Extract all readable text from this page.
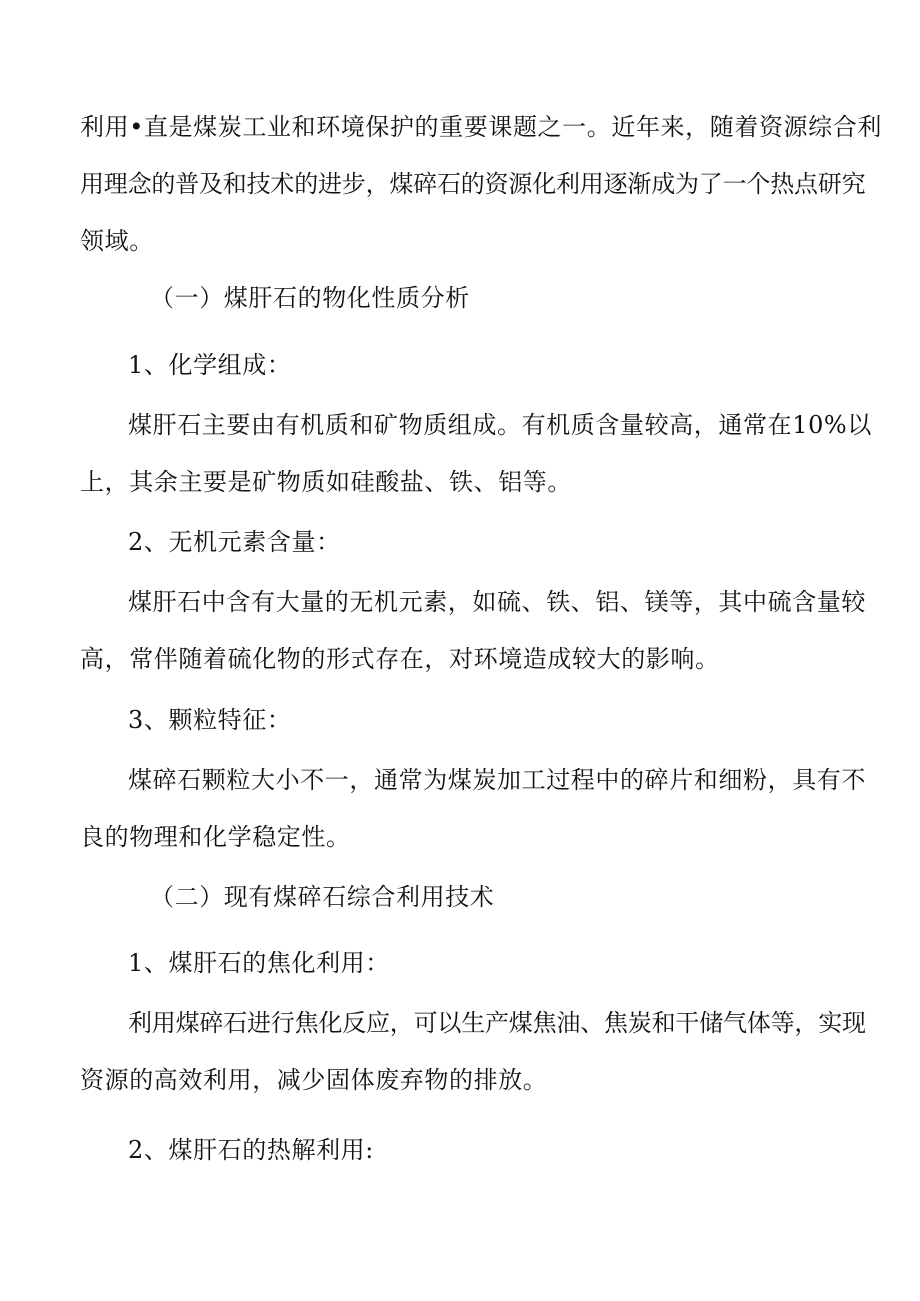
利用•直是煤炭工业和环境保护的重要课题之一。近年来，随着资源综合利
用理念的普及和技术的进步，煤碎石的资源化利用逐渐成为了一个热点研究
领域。

（一）煤肝石的物化性质分析

1、化学组成：

煤肝石主要由有机质和矿物质组成。有机质含量较高，通常在10%以
上，其余主要是矿物质如硅酸盐、铁、铝等。

2、无机元素含量：

煤肝石中含有大量的无机元素，如硫、铁、铝、镁等，其中硫含量较
高，常伴随着硫化物的形式存在，对环境造成较大的影响。

3、颗粒特征：

煤碎石颗粒大小不一，通常为煤炭加工过程中的碎片和细粉，具有不
良的物理和化学稳定性。

（二）现有煤碎石综合利用技术

1、煤肝石的焦化利用：

利用煤碎石进行焦化反应，可以生产煤焦油、焦炭和干储气体等，实现
资源的高效利用，减少固体废弃物的排放。

2、煤肝石的热解利用:
